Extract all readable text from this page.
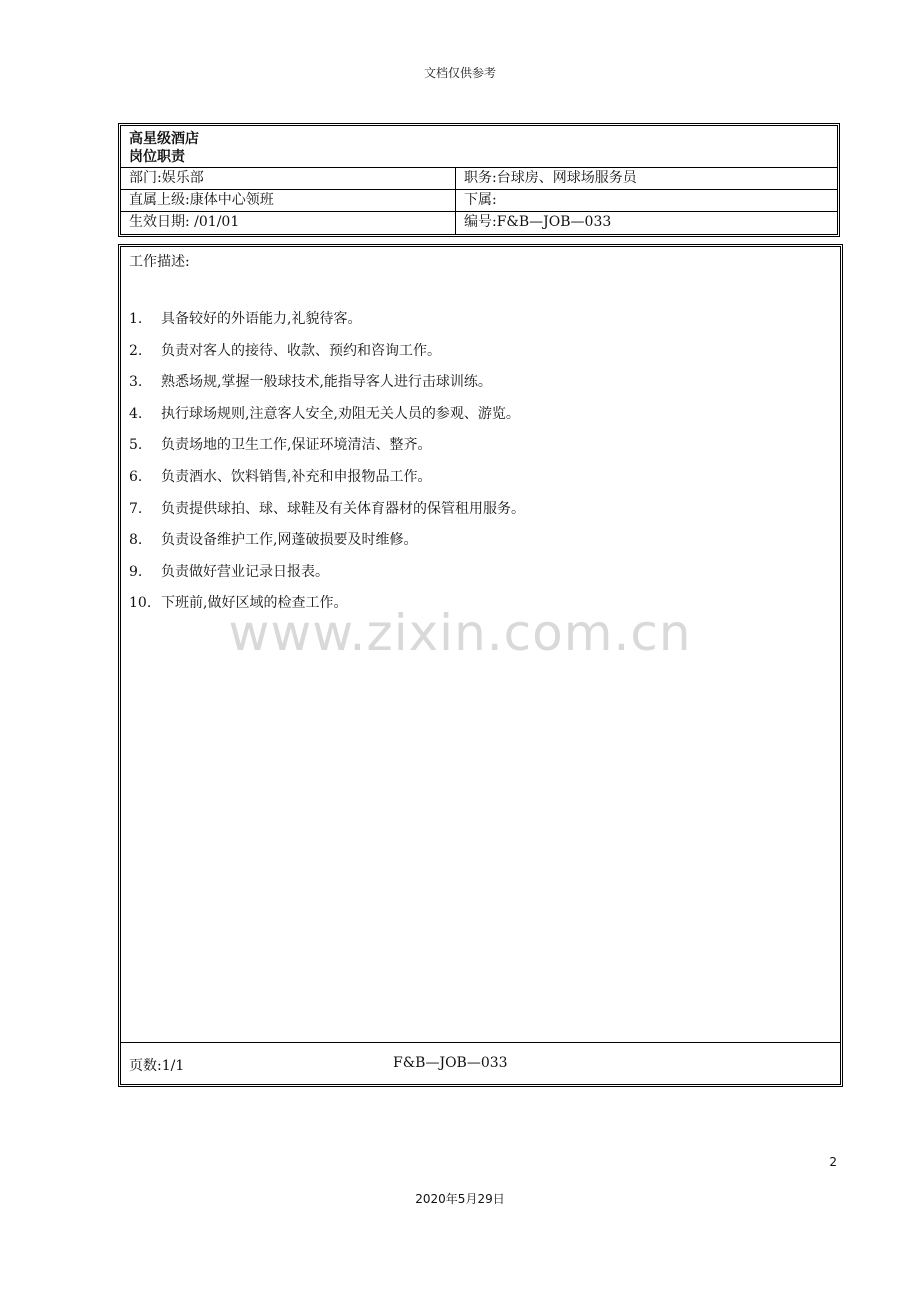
文档仅供参考
高星级酒店
岗位职责
部门:娱乐部	职务:台球房、网球场服务员
直属上级:康体中心领班	下属:
生效日期: /01/01	编号:F&B—JOB—033
工作描述:
1.	具备较好的外语能力,礼貌待客。
2.	负责对客人的接待、收款、预约和咨询工作。
3.	熟悉场规,掌握一般球技术,能指导客人进行击球训练。
4.	执行球场规则,注意客人安全,劝阻无关人员的参观、游览。
5.	负责场地的卫生工作,保证环境清洁、整齐。
6.	负责酒水、饮料销售,补充和申报物品工作。
7.	负责提供球拍、球、球鞋及有关体育器材的保管租用服务。
8.	负责设备维护工作,网蓬破损要及时维修。
9.	负责做好营业记录日报表。
10. 下班前,做好区域的检查工作。
页数:1/1	F&B—JOB—033
www.zixin.com.cn
2
2020年5月29日
